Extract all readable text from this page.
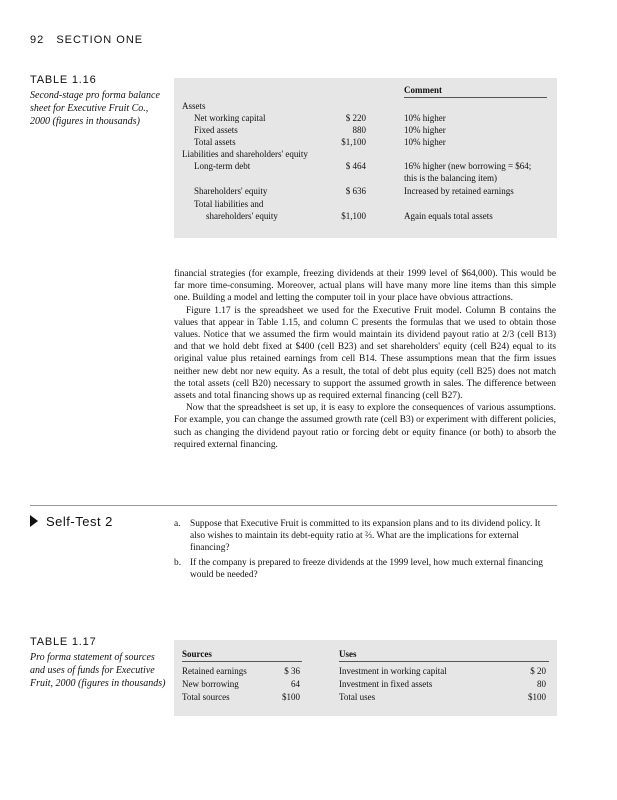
92 SECTION ONE
TABLE 1.16
Second-stage pro forma balance sheet for Executive Fruit Co., 2000 (figures in thousands)
Comment
Assets
Net working capital	$ 220	10% higher
Fixed assets	880	10% higher
Total assets	$1,100	10% higher
Liabilities and shareholders' equity
Long-term debt	$ 464	16% higher (new borrowing = $64;
this is the balancing item)
Shareholders' equity	$ 636	Increased by retained earnings
Total liabilities and
shareholders' equity	$1,100	Again equals total assets

financial strategies (for example, freezing dividends at their 1999 level of $64,000). This would be far more time-consuming. Moreover, actual plans will have many more line items than this simple one. Building a model and letting the computer toil in your place have obvious attractions.

Figure 1.17 is the spreadsheet we used for the Executive Fruit model. Column B contains the values that appear in Table 1.15, and column C presents the formulas that we used to obtain those values. Notice that we assumed the firm would maintain its dividend payout ratio at 2/3 (cell B13) and that we hold debt fixed at $400 (cell B23) and set shareholders' equity (cell B24) equal to its original value plus retained earnings from cell B14. These assumptions mean that the firm issues neither new debt nor new equity. As a result, the total of debt plus equity (cell B25) does not match the total assets (cell B20) necessary to support the assumed growth in sales. The difference between assets and total financing shows up as required external financing (cell B27).

Now that the spreadsheet is set up, it is easy to explore the consequences of various assumptions. For example, you can change the assumed growth rate (cell B3) or experiment with different policies, such as changing the dividend payout ratio or forcing debt or equity finance (or both) to absorb the required external financing.

Self-Test 2	a. Suppose that Executive Fruit is committed to its expansion plans and to its dividend policy. It also wishes to maintain its debt-equity ratio at ⅔. What are the implications for external financing?
b. If the company is prepared to freeze dividends at the 1999 level, how much external financing would be needed?
TABLE 1.17
Pro forma statement of sources and uses of funds for Executive Fruit, 2000 (figures in thousands)
Sources	Uses
Retained earnings	$ 36	Investment in working capital	$ 20
New borrowing	64	Investment in fixed assets	80
Total sources	$100	Total uses	$100
